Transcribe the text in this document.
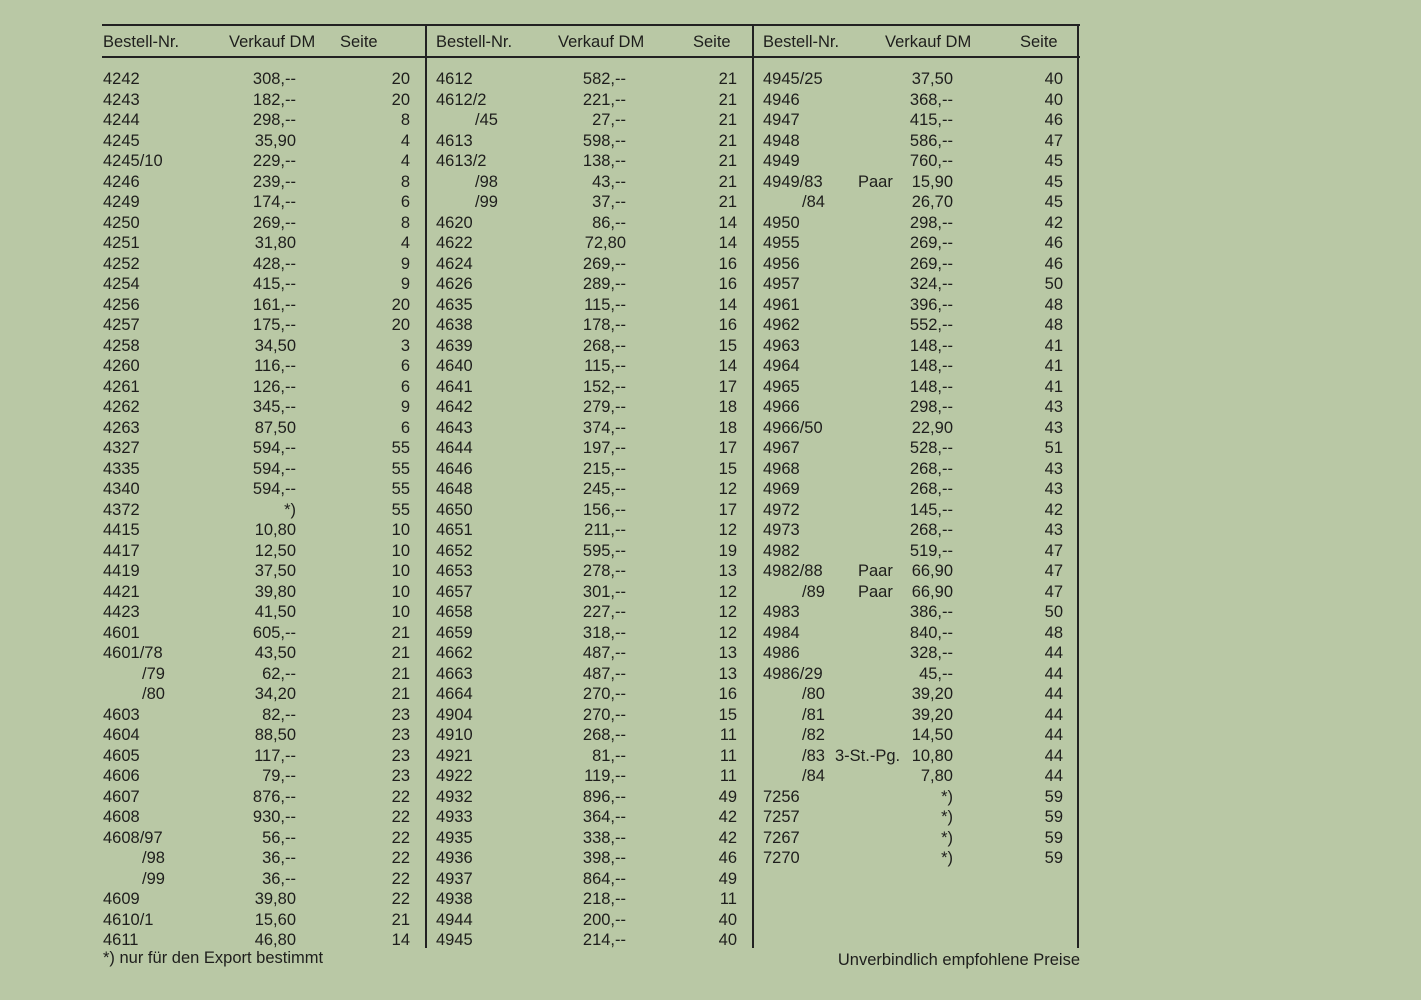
Bestell-Nr.	Verkauf DM Seite
4242	308,--	20
4243	182,--	20
4244	298,--	8
4245	35,90	4
4245/10	229,--	4
4246	239,--	8
4249	174,--	6
4250	269,--	8
4251	31,80	4
4252	428,--	9
4254	415,--	9
4256	161,--	20
4257	175,--	20
4258	34,50	3
4260	116,--	6
4261	126,--	6
4262	345,--	9
4263	87,50	6
4327	594,--	55
4335	594,--	55
4340	594,--	55
4372	*)	55
4415	10,80	10
4417	12,50	10
4419	37,50	10
4421	39,80	10
4423	41,50	10
4601	605,--	21
4601/78	43,50	21
/79	62,--	21
/80	34,20	21
4603	82,--	23
4604	88,50	23
4605	117,--	23
4606	79,--	23
4607	876,--	22
4608	930,--	22
4608/97	56,--	22
/98	36,--	22
/99	36,--	22
4609	39,80	22
4610/1	15,60	21
4611	46,80	14
Bestell-Nr.	Verkauf DM	Seite
4612	582,--	21
4612/2	221,--	21
/45	27,--	21
4613	598,--	21
4613/2	138,--	21
/98	43,--	21
/99	37,--	21
4620	86,--	14
4622	72,80	14
4624	269,--	16
4626	289,--	16
4635	115,--	14
4638	178,--	16
4639	268,--	15
4640	115,--	14
4641	152,--	17
4642	279,--	18
4643	374,--	18
4644	197,--	17
4646	215,--	15
4648	245,--	12
4650	156,--	17
4651	211,--	12
4652	595,--	19
4653	278,--	13
4657	301,--	12
4658	227,--	12
4659	318,--	12
4662	487,--	13
4663	487,--	13
4664	270,--	16
4904	270,--	15
4910	268,--	11
4921	81,--	11
4922	119,--	11
4932	896,--	49
4933	364,--	42
4935	338,--	42
4936	398,--	46
4937	864,--	49
4938	218,--	11
4944	200,--	40
4945	214,--	40
Bestell-Nr.	Verkauf DM	Seite
4945/25	37,50	40
4946	368,--	40
4947	415,--	46
4948	586,--	47
4949	760,--	45
4949/83 Paar 15,90	45
/84	26,70	45
4950	298,--	42
4955	269,--	46
4956	269,--	46
4957	324,--	50
4961	396,--	48
4962	552,--	48
4963	148,--	41
4964	148,--	41
4965	148,--	41
4966	298,--	43
4966/50	22,90	43
4967	528,--	51
4968	268,--	43
4969	268,--	43
4972	145,--	42
4973	268,--	43
4982	519,--	47
4982/88 Paar 66,90	47
/89 Paar 66,90	47
4983	386,--	50
4984	840,--	48
4986	328,--	44
4986/29	45,--	44
/80	39,20	44
/81	39,20	44
/82	14,50	44
/83 3-St.-Pg. 10,80	44
/84	7,80	44
7256	*)	59
7257	*)	59
7267	*)	59
7270	*)	59
*) nur für den Export bestimmt	Unverbindlich empfohlene Preise
